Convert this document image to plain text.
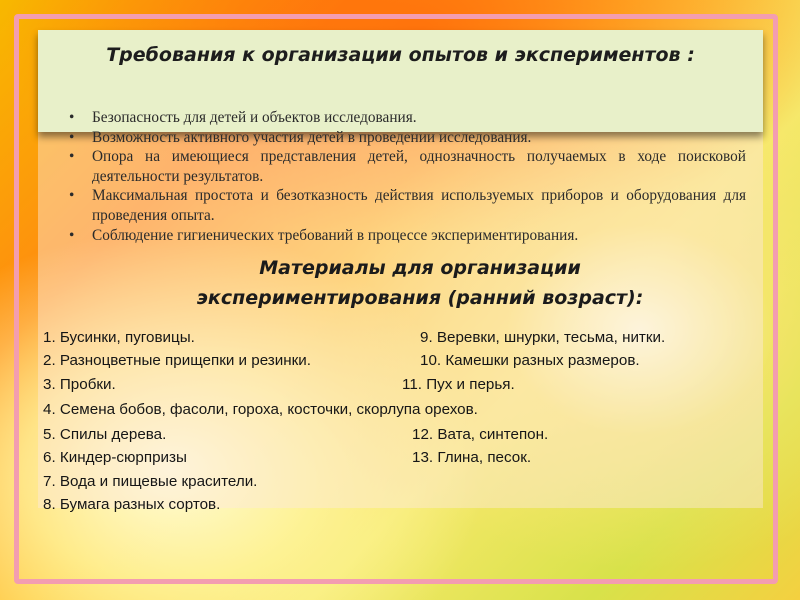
Требования к организации опытов и экспериментов :
• Безопасность для детей и объектов исследования.
• Возможность активного участия детей в проведении исследования.
• Опора на имеющиеся представления детей, однозначность получаемых в ходе поисковой деятельности результатов.
• Максимальная простота и безотказность действия используемых приборов и оборудования для проведения опыта.
• Соблюдение гигиенических требований в процессе экспериментирования.
Материалы для организации экспериментирования (ранний возраст):
1. Бусинки, пуговицы.
2. Разноцветные прищепки и резинки.
3. Пробки.
4. Семена бобов, фасоли, гороха, косточки, скорлупа орехов.
5. Спилы дерева.
6. Киндер-сюрпризы
7. Вода и пищевые красители.
8. Бумага разных сортов.
9. Веревки, шнурки, тесьма, нитки.
10. Камешки разных размеров.
11. Пух и перья.
12. Вата, синтепон.
13. Глина, песок.
